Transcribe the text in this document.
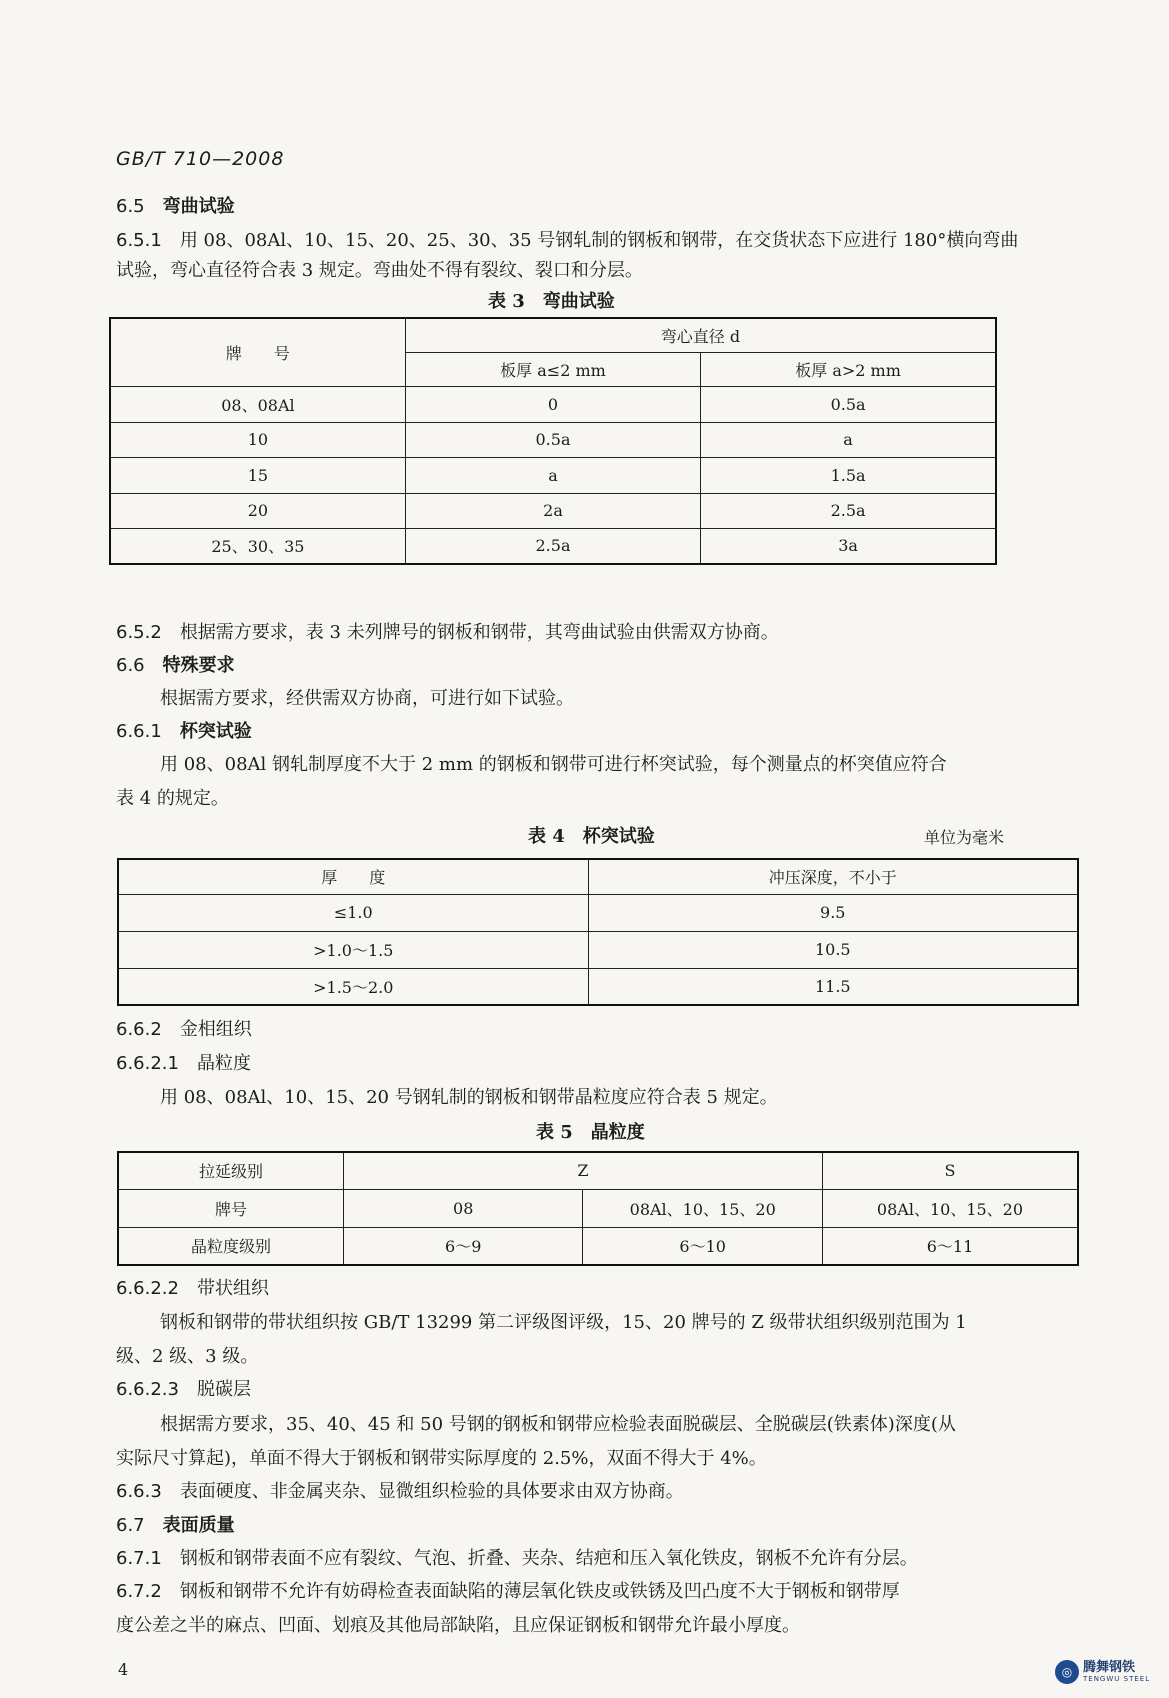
GB/T 710—2008
6.5 弯曲试验
6.5.1 用 08、08Al、10、15、20、25、30、35 号钢轧制的钢板和钢带，在交货状态下应进行 180°横向弯曲
试验，弯心直径符合表 3 规定。弯曲处不得有裂纹、裂口和分层。
表 3　弯曲试验
牌　　号	弯心直径 d	
	板厚 a≤2 mm	板厚 a>2 mm
08、08Al	0	0.5a
10	0.5a	a
15	a	1.5a
20	2a	2.5a
25、30、35	2.5a	3a
6.5.2 根据需方要求，表 3 未列牌号的钢板和钢带，其弯曲试验由供需双方协商。
6.6 特殊要求
根据需方要求，经供需双方协商，可进行如下试验。
6.6.1 杯突试验
用 08、08Al 钢轧制厚度不大于 2 mm 的钢板和钢带可进行杯突试验，每个测量点的杯突值应符合
表 4 的规定。
表 4　杯突试验	单位为毫米
厚　　度	冲压深度，不小于
≤1.0	9.5
>1.0～1.5	10.5
>1.5～2.0	11.5
6.6.2 金相组织
6.6.2.1 晶粒度
用 08、08Al、10、15、20 号钢轧制的钢板和钢带晶粒度应符合表 5 规定。
表 5　晶粒度
拉延级别	Z		S
牌号	08	08Al、10、15、20	08Al、10、15、20
晶粒度级别	6～9	6～10	6～11
6.6.2.2 带状组织
钢板和钢带的带状组织按 GB/T 13299 第二评级图评级，15、20 牌号的 Z 级带状组织级别范围为 1
级、2 级、3 级。
6.6.2.3 脱碳层
根据需方要求，35、40、45 和 50 号钢的钢板和钢带应检验表面脱碳层、全脱碳层(铁素体)深度(从
实际尺寸算起)，单面不得大于钢板和钢带实际厚度的 2.5%，双面不得大于 4%。
6.6.3 表面硬度、非金属夹杂、显微组织检验的具体要求由双方协商。
6.7 表面质量
6.7.1 钢板和钢带表面不应有裂纹、气泡、折叠、夹杂、结疤和压入氧化铁皮，钢板不允许有分层。
6.7.2 钢板和钢带不允许有妨碍检查表面缺陷的薄层氧化铁皮或铁锈及凹凸度不大于钢板和钢带厚
度公差之半的麻点、凹面、划痕及其他局部缺陷，且应保证钢板和钢带允许最小厚度。
4	◎ 腾舞钢铁
TENGWU STEEL
